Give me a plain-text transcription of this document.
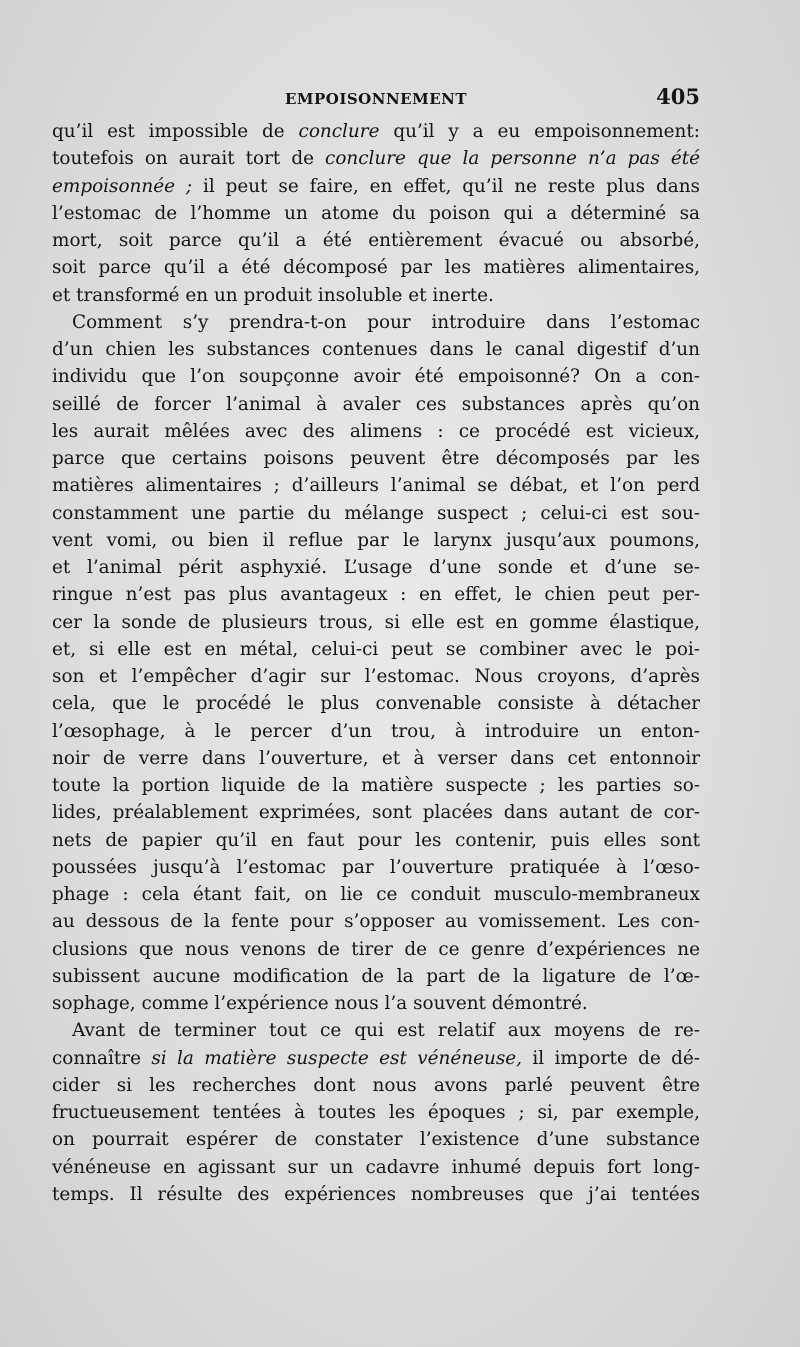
EMPOISONNEMENT	405
qu’il est impossible de conclure qu’il y a eu empoisonnement:
toutefois on aurait tort de conclure que la personne n’a pas été
empoisonnée ; il peut se faire, en effet, qu’il ne reste plus dans
l’estomac de l’homme un atome du poison qui a déterminé sa
mort, soit parce qu’il a été entièrement évacué ou absorbé,
soit parce qu’il a été décomposé par les matières alimentaires,
et transformé en un produit insoluble et inerte.
Comment s’y prendra-t-on pour introduire dans l’estomac
d’un chien les substances contenues dans le canal digestif d’un
individu que l’on soupçonne avoir été empoisonné? On a con-
seillé de forcer l’animal à avaler ces substances après qu’on
les aurait mêlées avec des alimens : ce procédé est vicieux,
parce que certains poisons peuvent être décomposés par les
matières alimentaires ; d’ailleurs l’animal se débat, et l’on perd
constamment une partie du mélange suspect ; celui-ci est sou-
vent vomi, ou bien il reflue par le larynx jusqu’aux poumons,
et l’animal périt asphyxié. L’usage d’une sonde et d’une se-
ringue n’est pas plus avantageux : en effet, le chien peut per-
cer la sonde de plusieurs trous, si elle est en gomme élastique,
et, si elle est en métal, celui-ci peut se combiner avec le poi-
son et l’empêcher d’agir sur l’estomac. Nous croyons, d’après
cela, que le procédé le plus convenable consiste à détacher
l’œsophage, à le percer d’un trou, à introduire un enton-
noir de verre dans l’ouverture, et à verser dans cet entonnoir
toute la portion liquide de la matière suspecte ; les parties so-
lides, préalablement exprimées, sont placées dans autant de cor-
nets de papier qu’il en faut pour les contenir, puis elles sont
poussées jusqu’à l’estomac par l’ouverture pratiquée à l’œso-
phage : cela étant fait, on lie ce conduit musculo-membraneux
au dessous de la fente pour s’opposer au vomissement. Les con-
clusions que nous venons de tirer de ce genre d’expériences ne
subissent aucune modification de la part de la ligature de l’œ-
sophage, comme l’expérience nous l’a souvent démontré.
Avant de terminer tout ce qui est relatif aux moyens de re-
connaître si la matière suspecte est vénéneuse, il importe de dé-
cider si les recherches dont nous avons parlé peuvent être
fructueusement tentées à toutes les époques ; si, par exemple,
on pourrait espérer de constater l’existence d’une substance
vénéneuse en agissant sur un cadavre inhumé depuis fort long-
temps. Il résulte des expériences nombreuses que j’ai tentées
